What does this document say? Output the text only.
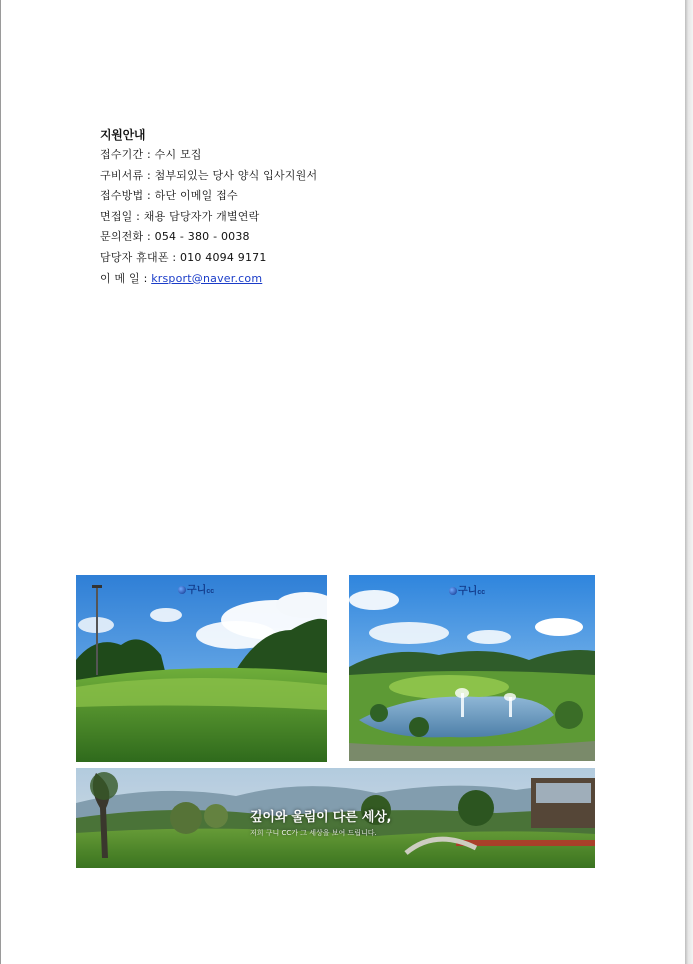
지원안내
접수기간 : 수시 모집
구비서류 : 첨부되있는 당사 양식 입사지원서
접수방법 : 하단 이메일 접수
면접일 : 채용 담당자가 개별연락
문의전화 : 054 - 380 - 0038
담당자 휴대폰 : 010 4094 9171
이 메 일 : krsport@naver.com
구니cc	구니cc
깊이와 울림이 다른 세상,
저희 구니 CC가 그 세상을 보여 드립니다.
